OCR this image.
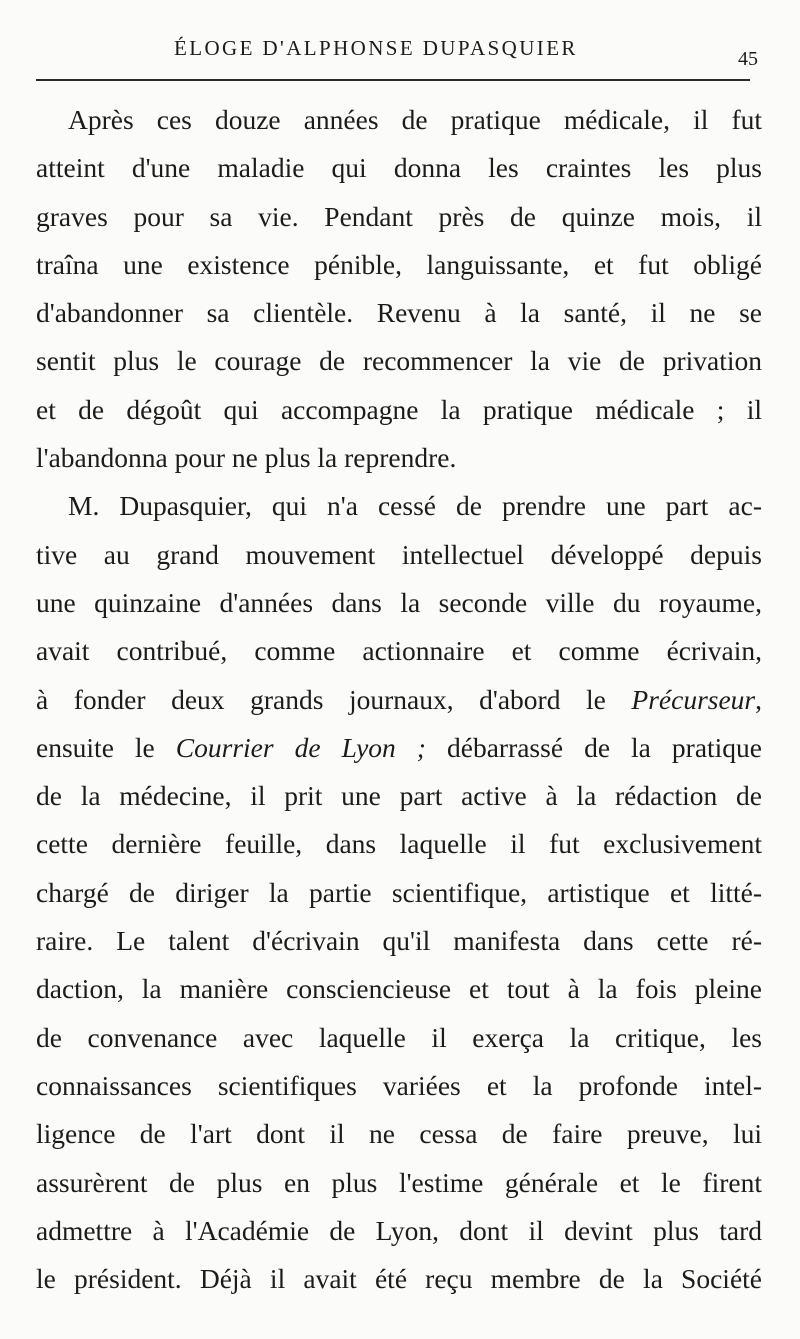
ÉLOGE D'ALPHONSE DUPASQUIER	45
Après ces douze années de pratique médicale, il fut
atteint d'une maladie qui donna les craintes les plus
graves pour sa vie. Pendant près de quinze mois, il
traîna une existence pénible, languissante, et fut obligé
d'abandonner sa clientèle. Revenu à la santé, il ne se
sentit plus le courage de recommencer la vie de privation
et de dégoût qui accompagne la pratique médicale ; il
l'abandonna pour ne plus la reprendre.
M. Dupasquier, qui n'a cessé de prendre une part ac-
tive au grand mouvement intellectuel développé depuis
une quinzaine d'années dans la seconde ville du royaume,
avait contribué, comme actionnaire et comme écrivain,
à fonder deux grands journaux, d'abord le Précurseur,
ensuite le Courrier de Lyon ; débarrassé de la pratique
de la médecine, il prit une part active à la rédaction de
cette dernière feuille, dans laquelle il fut exclusivement
chargé de diriger la partie scientifique, artistique et litté-
raire. Le talent d'écrivain qu'il manifesta dans cette ré-
daction, la manière consciencieuse et tout à la fois pleine
de convenance avec laquelle il exerça la critique, les
connaissances scientifiques variées et la profonde intel-
ligence de l'art dont il ne cessa de faire preuve, lui
assurèrent de plus en plus l'estime générale et le firent
admettre à l'Académie de Lyon, dont il devint plus tard
le président. Déjà il avait été reçu membre de la Société
